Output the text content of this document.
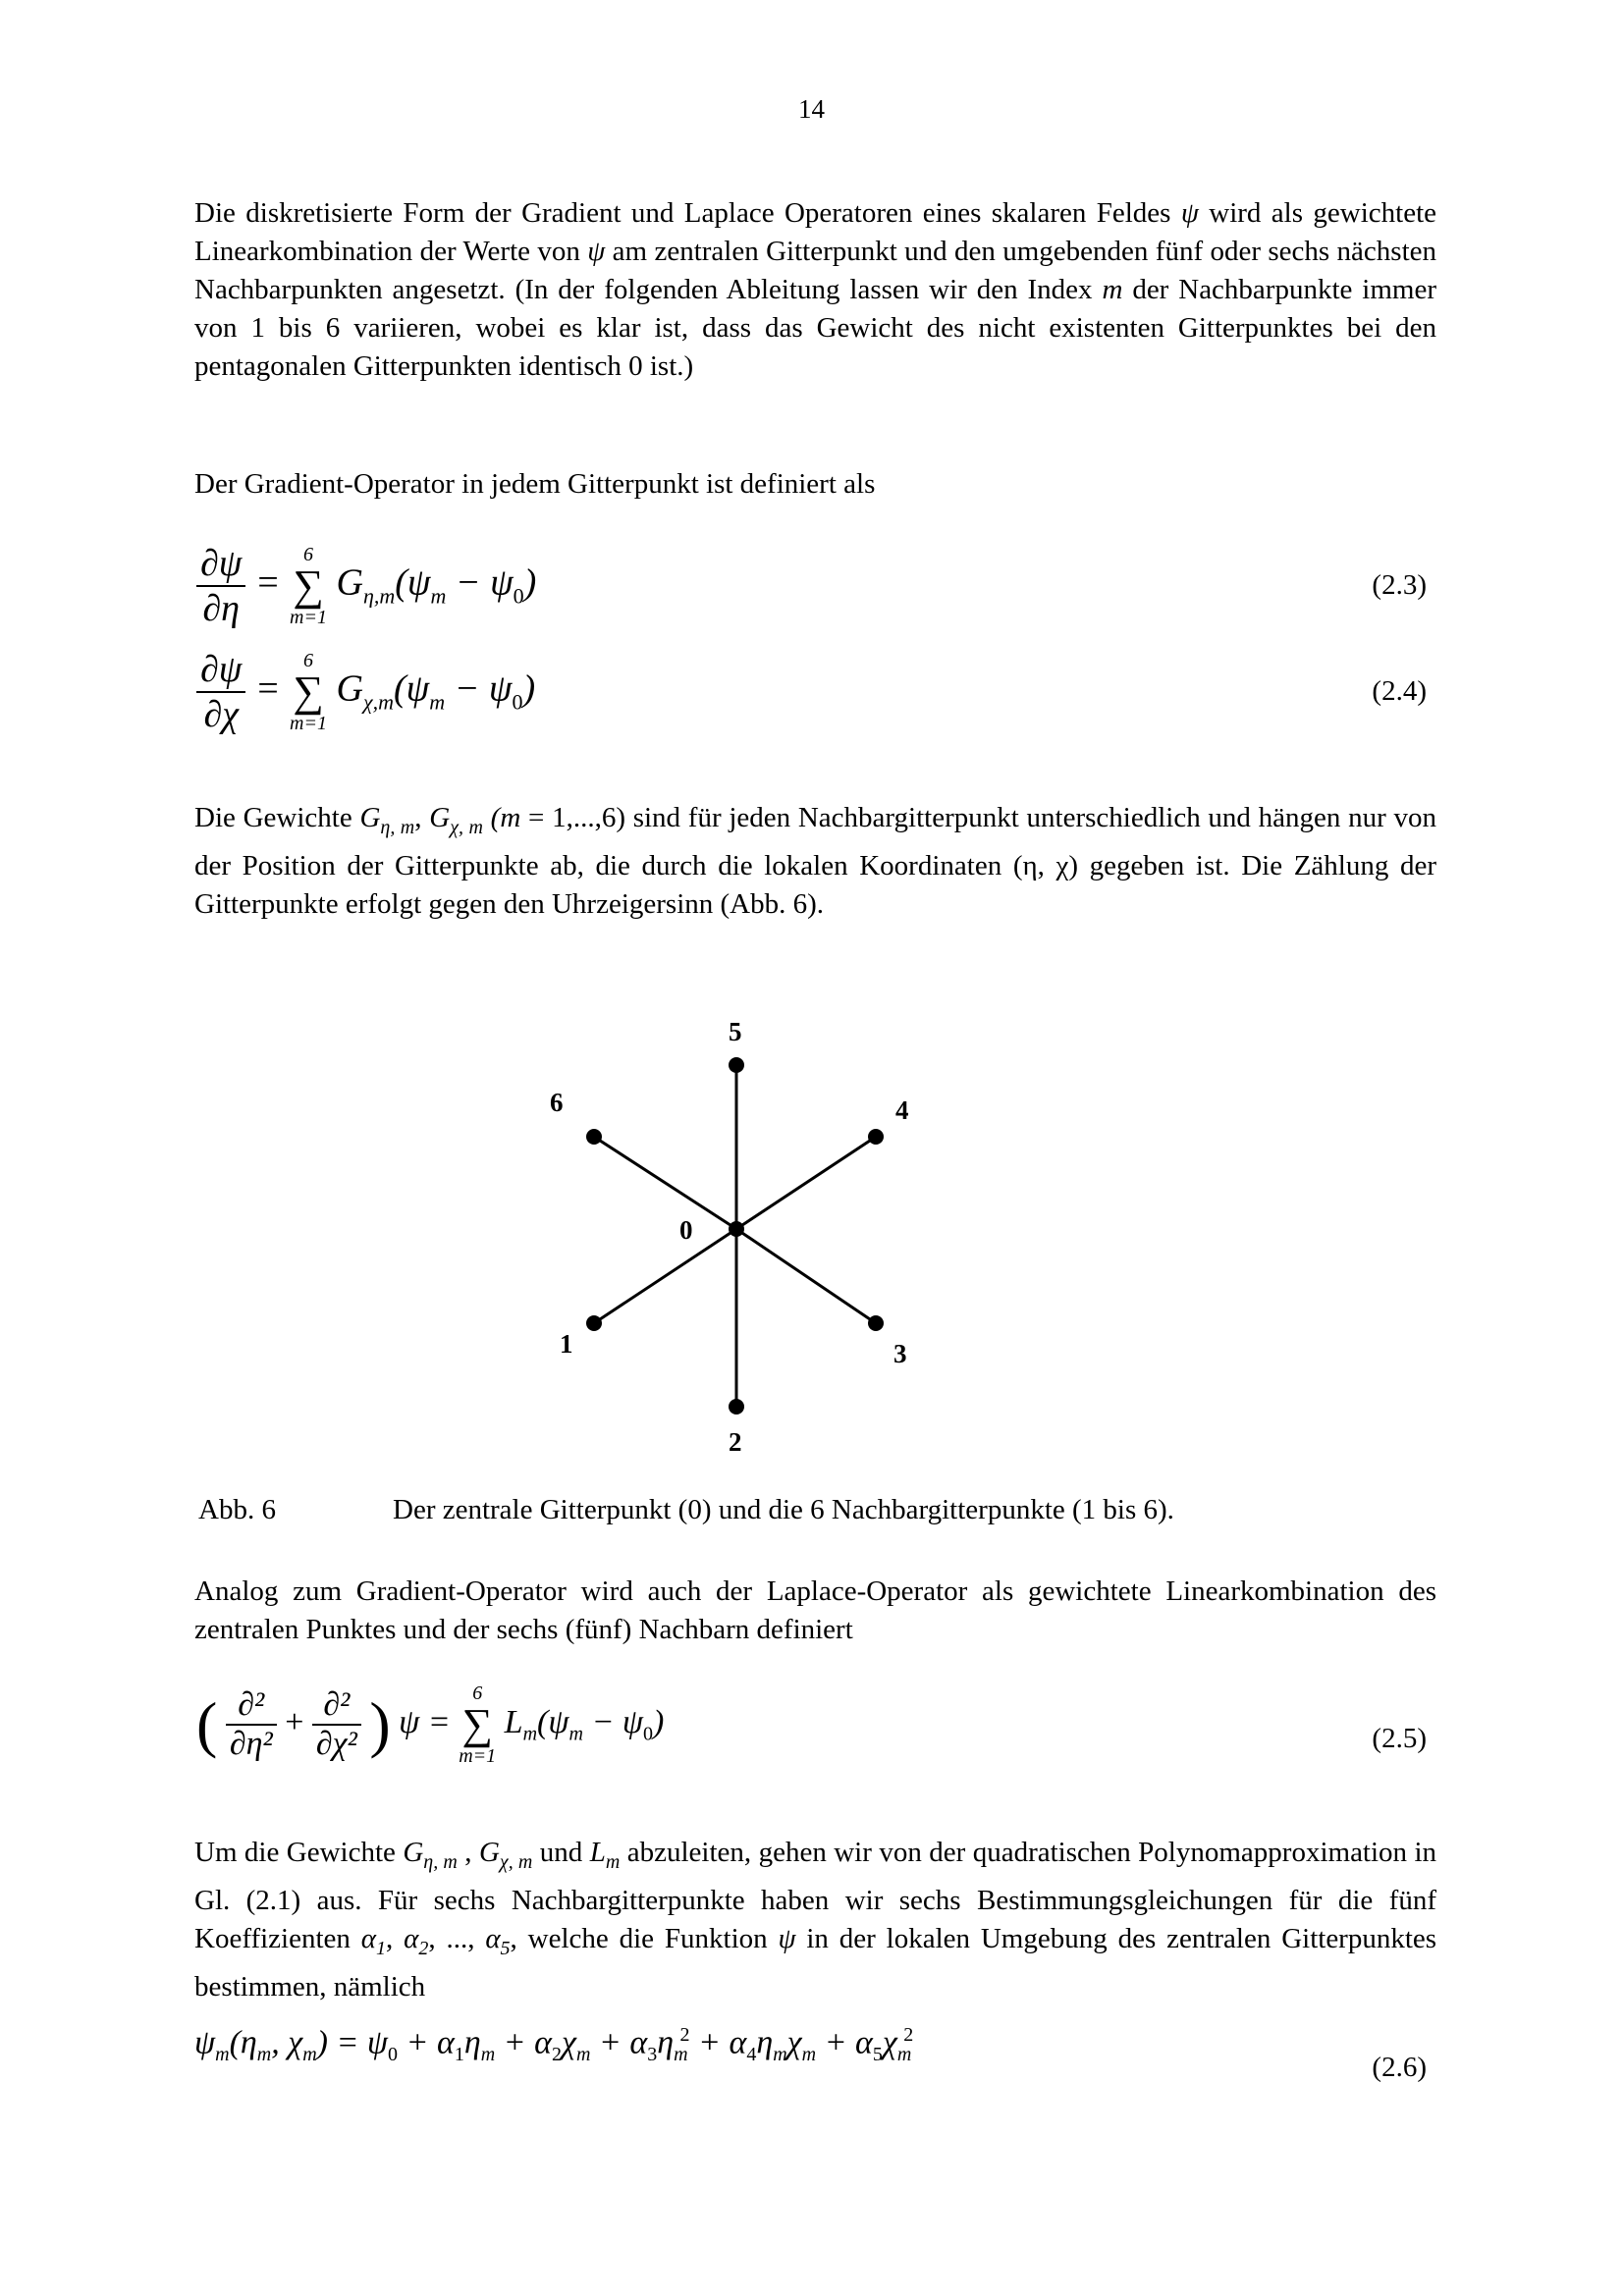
14

Die diskretisierte Form der Gradient und Laplace Operatoren eines skalaren Feldes ψ wird als gewichtete Linearkombination der Werte von ψ am zentralen Gitterpunkt und den umgebenden fünf oder sechs nächsten Nachbarpunkten angesetzt. (In der folgenden Ableitung lassen wir den Index m der Nachbarpunkte immer von 1 bis 6 variieren, wobei es klar ist, dass das Gewicht des nicht existenten Gitterpunktes bei den pentagonalen Gitterpunkten identisch 0 ist.)

Der Gradient-Operator in jedem Gitterpunkt ist definiert als

$\frac{\partial\psi}{\partial\eta}$ =
6
∑
m=1
$G_{\eta,m}(\psi_m - \psi_0)$	(2.3)
$\frac{\partial\psi}{\partial\chi}$ =
6
∑
m=1
$G_{\chi,m}(\psi_m - \psi_0)$	(2.4)

Die Gewichte $G_{\eta, m}$, $G_{\chi, m}$ (m = 1,...,6) sind für jeden Nachbargitterpunkt unterschiedlich und hängen nur von der Position der Gitterpunkte ab, die durch die lokalen Koordinaten (η, χ) gegeben ist. Die Zählung der Gitterpunkte erfolgt gegen den Uhrzeigersinn (Abb. 6).

0
1
2
3
4
5
6
Abb. 6	Der zentrale Gitterpunkt (0) und die 6 Nachbargitterpunkte (1 bis 6).

Analog zum Gradient-Operator wird auch der Laplace-Operator als gewichtete Linearkombination des zentralen Punktes und der sechs (fünf) Nachbarn definiert

( $\frac{\text{∂²}}{\text{∂η²}} + \frac{\text{∂²}}{\text{∂χ²}}$ ) ψ =
6
∑
m=1
$L_m(\psi_m - \psi_0)$	(2.5)

Um die Gewichte $G_{\eta, m}$ , $G_{\chi, m}$ und $L_m$ abzuleiten, gehen wir von der quadratischen Polynomapproximation in Gl. (2.1) aus. Für sechs Nachbargitterpunkte haben wir sechs Bestimmungsgleichungen für die fünf Koeffizienten $\alpha_1$, $\alpha_2$, ..., $\alpha_5$, welche die Funktion ψ in der lokalen Umgebung des zentralen Gitterpunktes bestimmen, nämlich

$\psi_m(\eta_m$, $\chi_m) = \psi_0 + \alpha_1\eta_m + \alpha_2\chi_m + \alpha_3\eta_m^2 + \alpha_4\eta_m\chi_m + \alpha_5\chi_m^2$
(2.6)
